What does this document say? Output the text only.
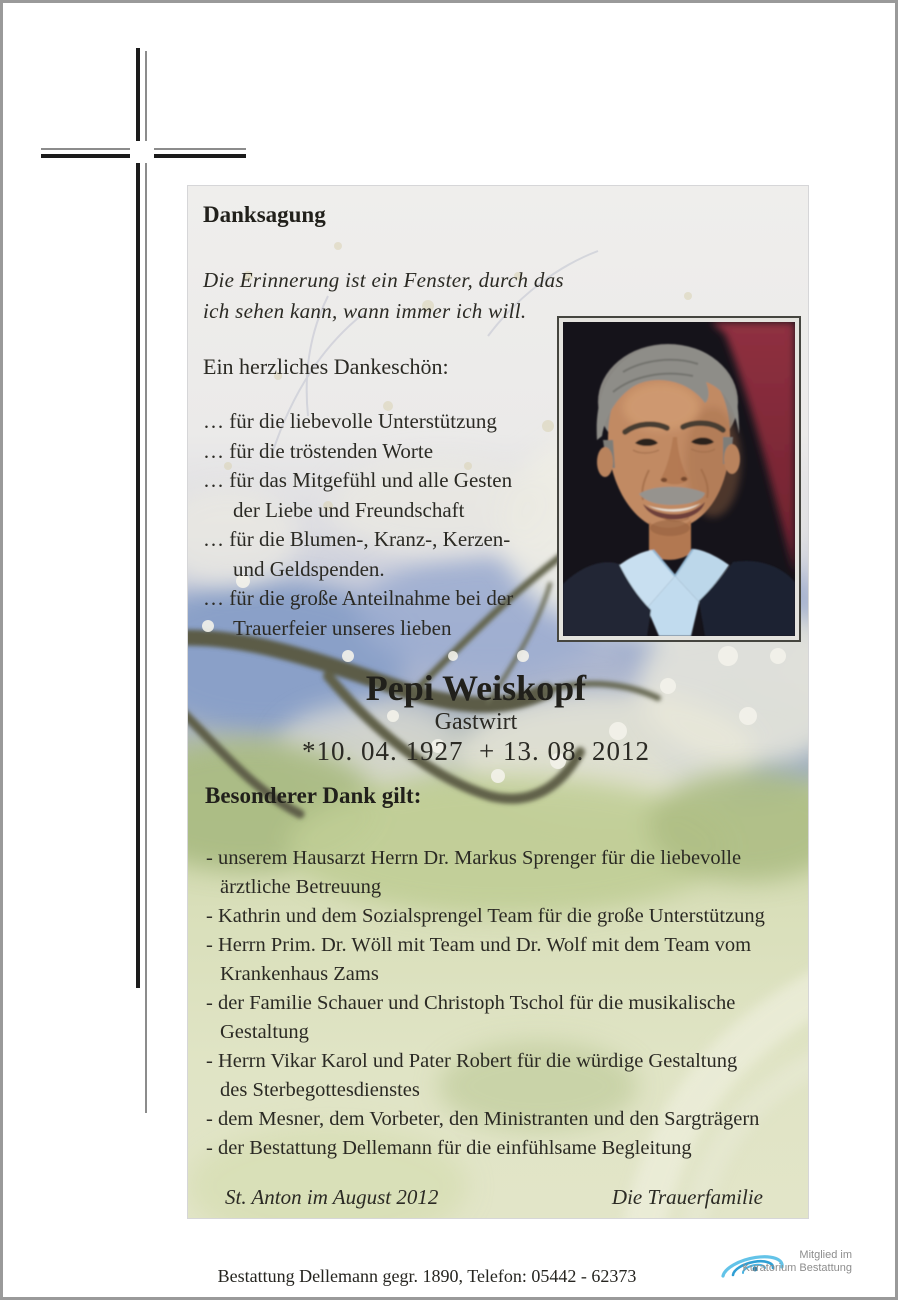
Danksagung
Die Erinnerung ist ein Fenster, durch das
ich sehen kann, wann immer ich will.
Ein herzliches Dankeschön:
… für die liebevolle Unterstützung
… für die tröstenden Worte
… für das Mitgefühl und alle Gesten
der Liebe und Freundschaft
… für die Blumen-, Kranz-, Kerzen-
und Geldspenden.
… für die große Anteilnahme bei der
Trauerfeier unseres lieben
Pepi Weiskopf
Gastwirt
*10. 04. 1927  + 13. 08. 2012
Besonderer Dank gilt:
- unserem Hausarzt Herrn Dr. Markus Sprenger für die liebevolle
ärztliche Betreuung
- Kathrin und dem Sozialsprengel Team für die große Unterstützung
- Herrn Prim. Dr. Wöll mit Team und Dr. Wolf mit dem Team vom
Krankenhaus Zams
- der Familie Schauer und Christoph Tschol für die musikalische
Gestaltung
- Herrn Vikar Karol und Pater Robert für die würdige Gestaltung
des Sterbegottesdienstes
- dem Mesner, dem Vorbeter, den Ministranten und den Sargträgern
- der Bestattung Dellemann für die einfühlsame Begleitung
St. Anton im August 2012	Die Trauerfamilie
Bestattung Dellemann gegr. 1890, Telefon: 05442 - 62373
Mitglied im
Kuratorium Bestattung
